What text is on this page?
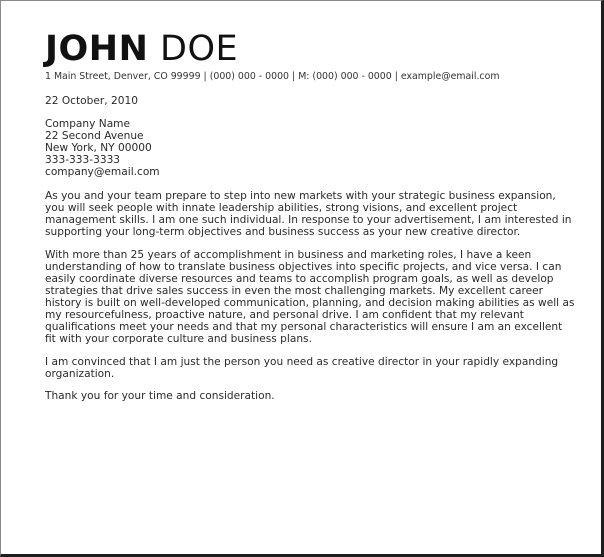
JOHN DOE
1 Main Street, Denver, CO 99999 | (000) 000 - 0000 | M: (000) 000 - 0000 | example@email.com
22 October, 2010
Company Name
22 Second Avenue
New York, NY 00000
333-333-3333
company@email.com
As you and your team prepare to step into new markets with your strategic business expansion, you will seek people with innate leadership abilities, strong visions, and excellent project management skills. I am one such individual. In response to your advertisement, I am interested in supporting your long-term objectives and business success as your new creative director.
With more than 25 years of accomplishment in business and marketing roles, I have a keen understanding of how to translate business objectives into specific projects, and vice versa. I can easily coordinate diverse resources and teams to accomplish program goals, as well as develop strategies that drive sales success in even the most challenging markets. My excellent career history is built on well-developed communication, planning, and decision making abilities as well as my resourcefulness, proactive nature, and personal drive. I am confident that my relevant qualifications meet your needs and that my personal characteristics will ensure I am an excellent fit with your corporate culture and business plans.
I am convinced that I am just the person you need as creative director in your rapidly expanding organization.
Thank you for your time and consideration.
